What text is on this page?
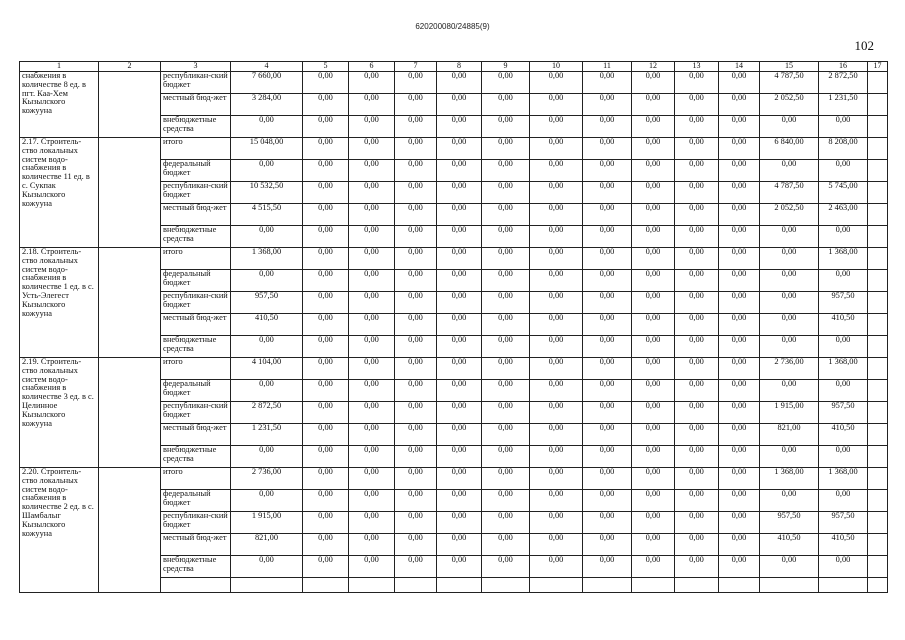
620200080/24885(9)
102
1	2	3	4	5	6	7	8	9	10	11	12	13	14	15	16	17
снабжения в количестве 8 ед. в пгт. Каа-Хем Кызылского кожууна		республикан-ский бюджет	7 660,00	0,00	0,00	0,00	0,00	0,00	0,00	0,00	0,00	0,00	0,00	4 787,50	2 872,50	
		местный бюд-жет	3 284,00	0,00	0,00	0,00	0,00	0,00	0,00	0,00	0,00	0,00	0,00	2 052,50	1 231,50	
		внебюджетные средства	0,00	0,00	0,00	0,00	0,00	0,00	0,00	0,00	0,00	0,00	0,00	0,00	0,00	
2.17. Строитель-ство локальных систем водо-снабжения в количестве 11 ед. в с. Сукпак Кызылского кожууна		итого	15 048,00	0,00	0,00	0,00	0,00	0,00	0,00	0,00	0,00	0,00	0,00	6 840,00	8 208,00	
		федеральный бюджет	0,00	0,00	0,00	0,00	0,00	0,00	0,00	0,00	0,00	0,00	0,00	0,00	0,00	
		республикан-ский бюджет	10 532,50	0,00	0,00	0,00	0,00	0,00	0,00	0,00	0,00	0,00	0,00	4 787,50	5 745,00	
		местный бюд-жет	4 515,50	0,00	0,00	0,00	0,00	0,00	0,00	0,00	0,00	0,00	0,00	2 052,50	2 463,00	
		внебюджетные средства	0,00	0,00	0,00	0,00	0,00	0,00	0,00	0,00	0,00	0,00	0,00	0,00	0,00	
2.18. Строитель-ство локальных систем водо-снабжения в количестве 1 ед. в с. Усть-Элегест Кызылского кожууна		итого	1 368,00	0,00	0,00	0,00	0,00	0,00	0,00	0,00	0,00	0,00	0,00	0,00	1 368,00	
		федеральный бюджет	0,00	0,00	0,00	0,00	0,00	0,00	0,00	0,00	0,00	0,00	0,00	0,00	0,00	
		республикан-ский бюджет	957,50	0,00	0,00	0,00	0,00	0,00	0,00	0,00	0,00	0,00	0,00	0,00	957,50	
		местный бюд-жет	410,50	0,00	0,00	0,00	0,00	0,00	0,00	0,00	0,00	0,00	0,00	0,00	410,50	
		внебюджетные средства	0,00	0,00	0,00	0,00	0,00	0,00	0,00	0,00	0,00	0,00	0,00	0,00	0,00	
2.19. Строитель-ство локальных систем водо-снабжения в количестве 3 ед. в с. Целинное Кызылского кожууна		итого	4 104,00	0,00	0,00	0,00	0,00	0,00	0,00	0,00	0,00	0,00	0,00	2 736,00	1 368,00	
		федеральный бюджет	0,00	0,00	0,00	0,00	0,00	0,00	0,00	0,00	0,00	0,00	0,00	0,00	0,00	
		республикан-ский бюджет	2 872,50	0,00	0,00	0,00	0,00	0,00	0,00	0,00	0,00	0,00	0,00	1 915,00	957,50	
		местный бюд-жет	1 231,50	0,00	0,00	0,00	0,00	0,00	0,00	0,00	0,00	0,00	0,00	821,00	410,50	
		внебюджетные средства	0,00	0,00	0,00	0,00	0,00	0,00	0,00	0,00	0,00	0,00	0,00	0,00	0,00	
2.20. Строитель-ство локальных систем водо-снабжения в количестве 2 ед. в с. Шамбалыг Кызылского кожууна		итого	2 736,00	0,00	0,00	0,00	0,00	0,00	0,00	0,00	0,00	0,00	0,00	1 368,00	1 368,00	
		федеральный бюджет	0,00	0,00	0,00	0,00	0,00	0,00	0,00	0,00	0,00	0,00	0,00	0,00	0,00	
		республикан-ский бюджет	1 915,00	0,00	0,00	0,00	0,00	0,00	0,00	0,00	0,00	0,00	0,00	957,50	957,50	
		местный бюд-жет	821,00	0,00	0,00	0,00	0,00	0,00	0,00	0,00	0,00	0,00	0,00	410,50	410,50	
		внебюджетные средства	0,00	0,00	0,00	0,00	0,00	0,00	0,00	0,00	0,00	0,00	0,00	0,00	0,00	
